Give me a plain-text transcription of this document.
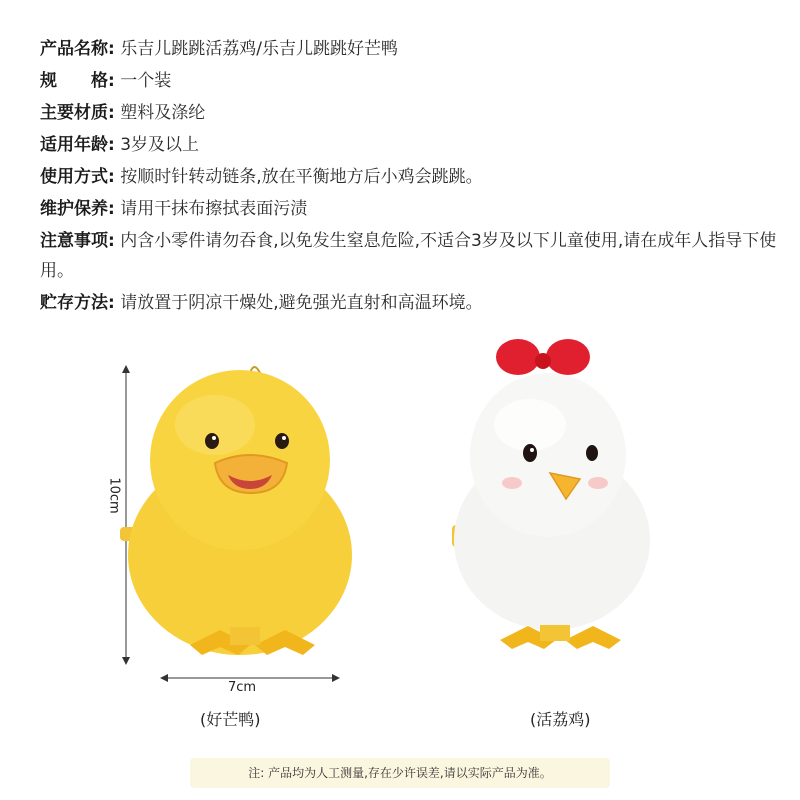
产品名称: 乐吉儿跳跳活荔鸡/乐吉儿跳跳好芒鸭
规　　格: 一个装
主要材质: 塑料及涤纶
适用年龄: 3岁及以上
使用方式: 按顺时针转动链条,放在平衡地方后小鸡会跳跳。
维护保养: 请用干抹布擦拭表面污渍
注意事项: 内含小零件请勿吞食,以免发生窒息危险,不适合3岁及以下儿童使用,请在成年人指导下使用。
贮存方法: 请放置于阴凉干燥处,避免强光直射和高温环境。
10cm
7cm
(好芒鸭)	(活荔鸡)
注: 产品均为人工测量,存在少许误差,请以实际产品为准。
